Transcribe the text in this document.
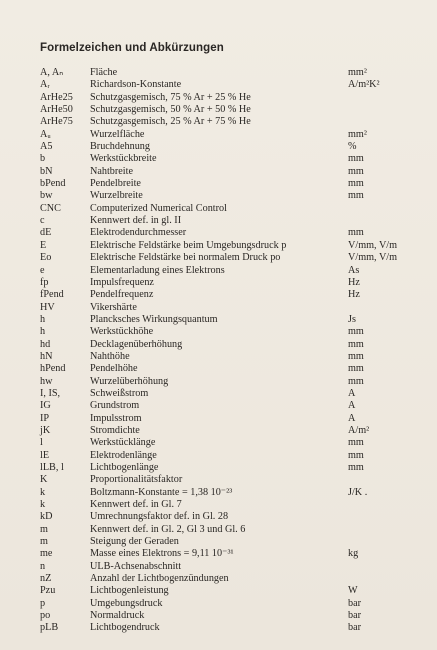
Formelzeichen und Abkürzungen
A, Aₙ	Fläche	mm²
Aᵣ	Richardson-Konstante	A/m²K²
ArHe25 Schutzgasgemisch, 75 % Ar + 25 % He
ArHe50 Schutzgasgemisch, 50 % Ar + 50 % He
ArHe75 Schutzgasgemisch, 25 % Ar + 75 % He
Aᵤ	Wurzelfläche	mm²
A5	Bruchdehnung	%
b	Werkstückbreite	mm
bN	Nahtbreite	mm
bPend Pendelbreite	mm
bw	Wurzelbreite	mm
CNC	Computerized Numerical Control
c	Kennwert def. in gl. II
dE	Elektrodendurchmesser	mm
E	Elektrische Feldstärke beim Umgebungsdruck p	V/mm, V/m
Eo	Elektrische Feldstärke bei normalem Druck po	V/mm, V/m
e	Elementarladung eines Elektrons	As
fp	Impulsfrequenz	Hz
fPend	Pendelfrequenz	Hz
HV	Vikershärte
h	Plancksches Wirkungsquantum	Js
h	Werkstückhöhe	mm
hd	Decklagenüberhöhung	mm
hN	Nahthöhe	mm
hPend Pendelhöhe	mm
hw	Wurzelüberhöhung	mm
I, IS,	Schweißstrom	A
IG	Grundstrom	A
IP	Impulsstrom	A
jK	Stromdichte	A/m²
l	Werkstücklänge	mm
lE	Elektrodenlänge	mm
lLB, l	Lichtbogenlänge	mm
K	Proportionalitätsfaktor
k	Boltzmann-Konstante = 1,38 10⁻²³	J/K .
k	Kennwert def. in Gl. 7
kD	Umrechnungsfaktor def. in Gl. 28
m	Kennwert def. in Gl. 2, Gl 3 und Gl. 6
m	Steigung der Geraden
me	Masse eines Elektrons = 9,11 10⁻³¹	kg
n	ULB-Achsenabschnitt
nZ	Anzahl der Lichtbogenzündungen
Pzu	Lichtbogenleistung	W
p	Umgebungsdruck	bar
po	Normaldruck	bar
pLB	Lichtbogendruck	bar
